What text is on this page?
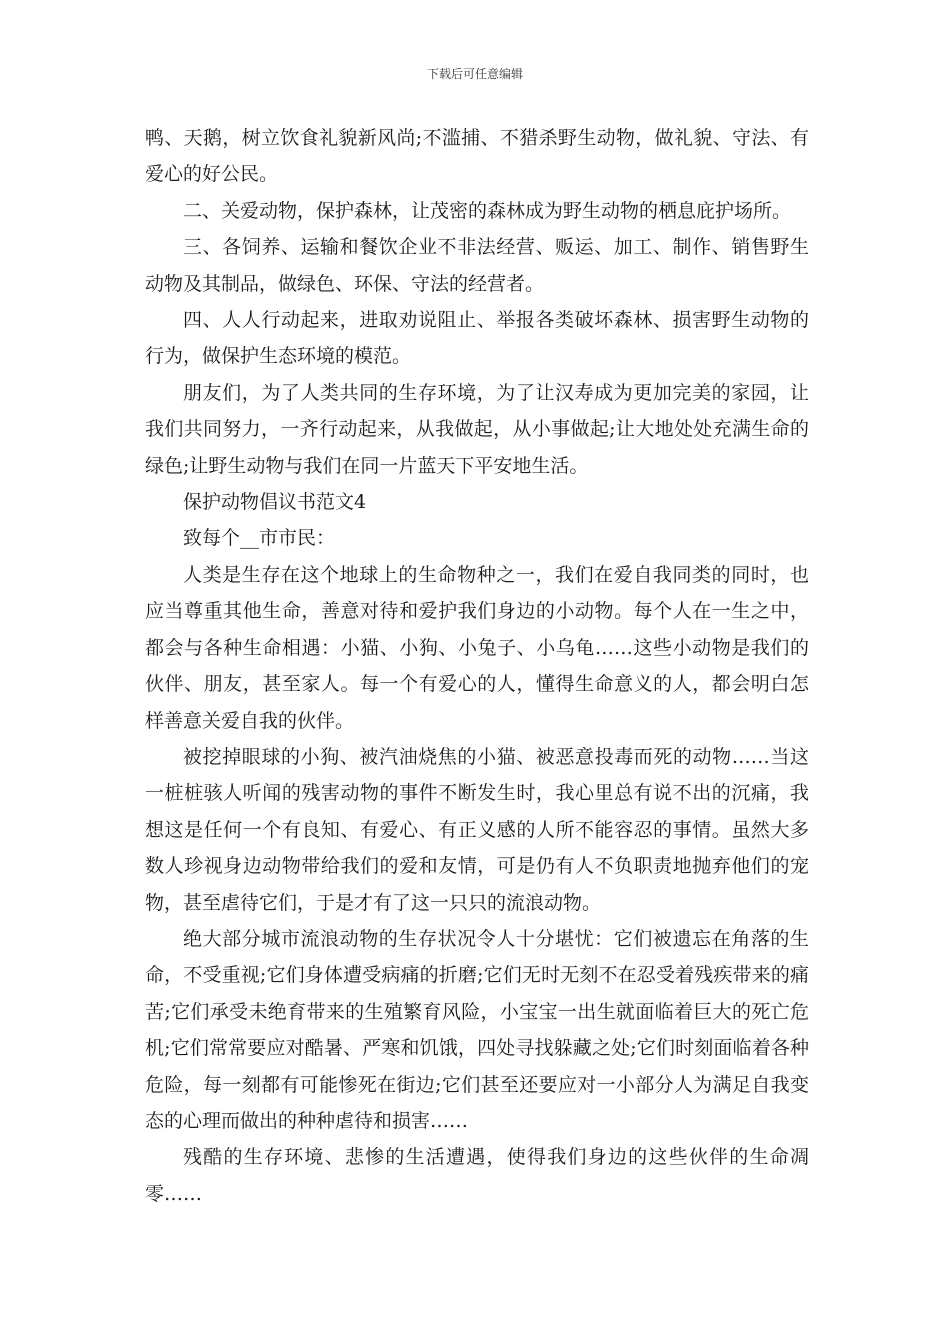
下载后可任意编辑

鸭、天鹅，树立饮食礼貌新风尚;不滥捕、不猎杀野生动物，做礼貌、守法、有爱心的好公民。

二、关爱动物，保护森林，让茂密的森林成为野生动物的栖息庇护场所。

三、各饲养、运输和餐饮企业不非法经营、贩运、加工、制作、销售野生动物及其制品，做绿色、环保、守法的经营者。

四、人人行动起来，进取劝说阻止、举报各类破坏森林、损害野生动物的行为，做保护生态环境的模范。

朋友们，为了人类共同的生存环境，为了让汉寿成为更加完美的家园，让我们共同努力，一齐行动起来，从我做起，从小事做起;让大地处处充满生命的绿色;让野生动物与我们在同一片蓝天下平安地生活。

保护动物倡议书范文4

致每个__市市民：

人类是生存在这个地球上的生命物种之一，我们在爱自我同类的同时，也应当尊重其他生命，善意对待和爱护我们身边的小动物。每个人在一生之中，都会与各种生命相遇：小猫、小狗、小兔子、小乌龟……这些小动物是我们的伙伴、朋友，甚至家人。每一个有爱心的人，懂得生命意义的人，都会明白怎样善意关爱自我的伙伴。

被挖掉眼球的小狗、被汽油烧焦的小猫、被恶意投毒而死的动物……当这一桩桩骇人听闻的残害动物的事件不断发生时，我心里总有说不出的沉痛，我想这是任何一个有良知、有爱心、有正义感的人所不能容忍的事情。虽然大多数人珍视身边动物带给我们的爱和友情，可是仍有人不负职责地抛弃他们的宠物，甚至虐待它们，于是才有了这一只只的流浪动物。

绝大部分城市流浪动物的生存状况令人十分堪忧：它们被遗忘在角落的生命，不受重视;它们身体遭受病痛的折磨;它们无时无刻不在忍受着残疾带来的痛苦;它们承受未绝育带来的生殖繁育风险，小宝宝一出生就面临着巨大的死亡危机;它们常常要应对酷暑、严寒和饥饿，四处寻找躲藏之处;它们时刻面临着各种危险，每一刻都有可能惨死在街边;它们甚至还要应对一小部分人为满足自我变态的心理而做出的种种虐待和损害……

残酷的生存环境、悲惨的生活遭遇，使得我们身边的这些伙伴的生命凋零……
